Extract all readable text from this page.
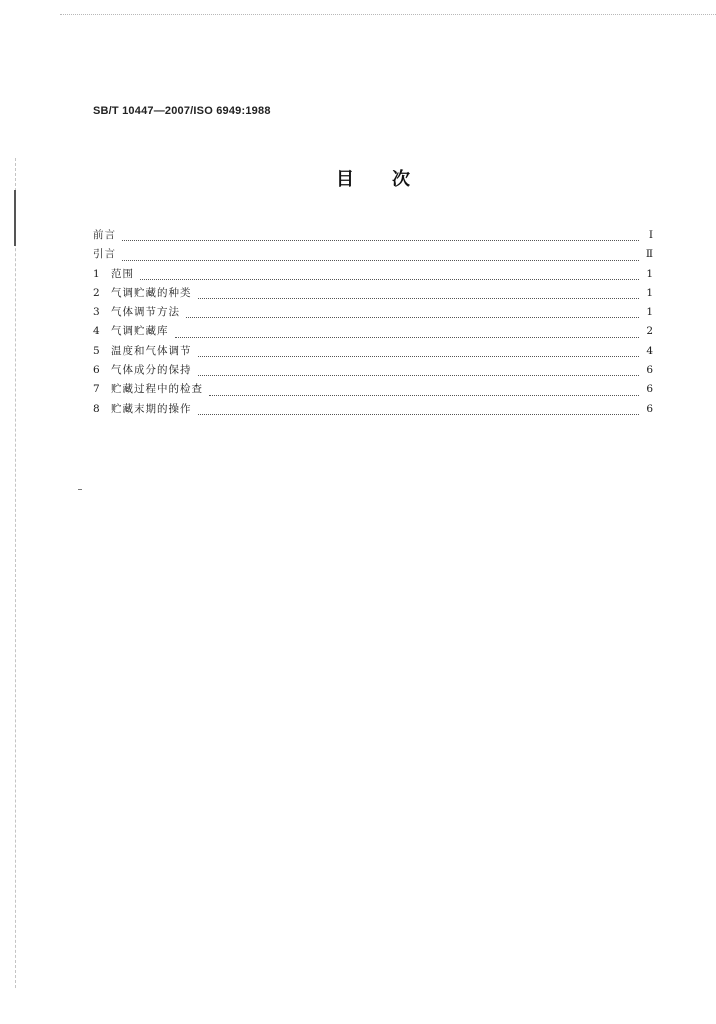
SB/T 10447—2007/ISO 6949:1988
目 次
前言	I
引言	Ⅱ
1	范围	1
2	气调贮藏的种类	1
3	气体调节方法	1
4	气调贮藏库	2
5	温度和气体调节	4
6	气体成分的保持	6
7	贮藏过程中的检查	6
8	贮藏末期的操作	6
